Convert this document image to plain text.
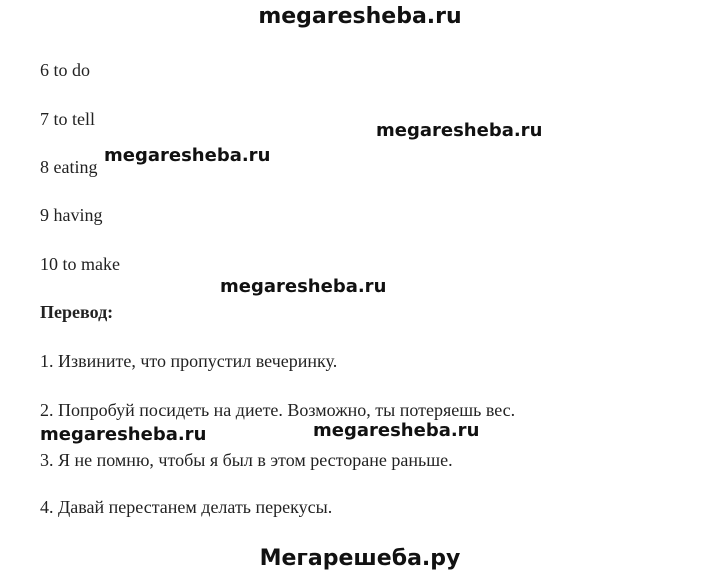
megaresheba.ru
6 to do
7 to tell
8 eating
9 having
10 to make
Перевод:
1. Извините, что пропустил вечеринку.
2. Попробуй посидеть на диете. Возможно, ты потеряешь вес.
3. Я не помню, чтобы я был в этом ресторане раньше.
4. Давай перестанем делать перекусы.
megaresheba.ru
megaresheba.ru
megaresheba.ru
megaresheba.ru	megaresheba.ru
Мегарешеба.ру
